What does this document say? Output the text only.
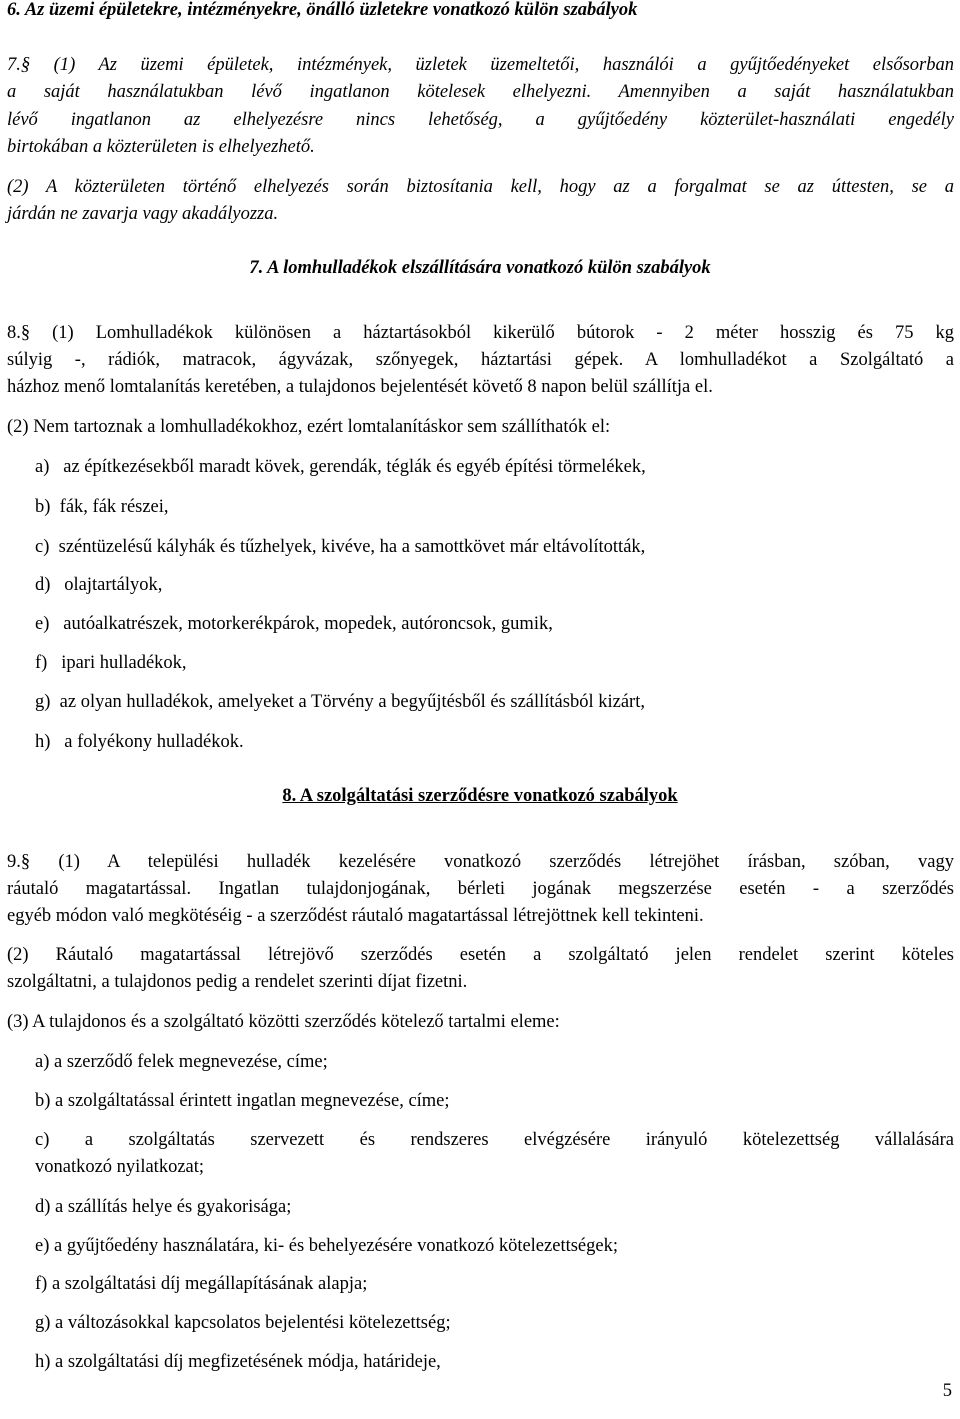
6. Az üzemi épületekre, intézményekre, önálló üzletekre vonatkozó külön szabályok
7.§ (1) Az üzemi épületek, intézmények, üzletek üzemeltetői, használói a gyűjtőedényeket elsősorban
a saját használatukban lévő ingatlanon kötelesek elhelyezni. Amennyiben a saját használatukban
lévő ingatlanon az elhelyezésre nincs lehetőség, a gyűjtőedény közterület-használati engedély
birtokában a közterületen is elhelyezhető.
(2) A közterületen történő elhelyezés során biztosítania kell, hogy az a forgalmat se az úttesten, se a
járdán ne zavarja vagy akadályozza.
7. A lomhulladékok elszállítására vonatkozó külön szabályok
8.§ (1) Lomhulladékok különösen a háztartásokból kikerülő bútorok - 2 méter hosszig és 75 kg
súlyig -, rádiók, matracok, ágyvázak, szőnyegek, háztartási gépek. A lomhulladékot a Szolgáltató a
házhoz menő lomtalanítás keretében, a tulajdonos bejelentését követő 8 napon belül szállítja el.
(2) Nem tartoznak a lomhulladékokhoz, ezért lomtalanításkor sem szállíthatók el:
a)   az építkezésekből maradt kövek, gerendák, téglák és egyéb építési törmelékek,
b)  fák, fák részei,
c)  széntüzelésű kályhák és tűzhelyek, kivéve, ha a samottkövet már eltávolították,
d)   olajtartályok,
e)   autóalkatrészek, motorkerékpárok, mopedek, autóroncsok, gumik,
f)   ipari hulladékok,
g)  az olyan hulladékok, amelyeket a Törvény a begyűjtésből és szállításból kizárt,
h)   a folyékony hulladékok.
8. A szolgáltatási szerződésre vonatkozó szabályok
9.§ (1) A települési hulladék kezelésére vonatkozó szerződés létrejöhet írásban, szóban, vagy
ráutaló magatartással. Ingatlan tulajdonjogának, bérleti jogának megszerzése esetén - a szerződés
egyéb módon való megkötéséig - a szerződést ráutaló magatartással létrejöttnek kell tekinteni.
(2) Ráutaló magatartással létrejövő szerződés esetén a szolgáltató jelen rendelet szerint köteles
szolgáltatni, a tulajdonos pedig a rendelet szerinti díjat fizetni.
(3) A tulajdonos és a szolgáltató közötti szerződés kötelező tartalmi eleme:
a) a szerződő felek megnevezése, címe;
b) a szolgáltatással érintett ingatlan megnevezése, címe;
c) a szolgáltatás szervezett és rendszeres elvégzésére irányuló kötelezettség vállalására
vonatkozó nyilatkozat;
d) a szállítás helye és gyakorisága;
e) a gyűjtőedény használatára, ki- és behelyezésére vonatkozó kötelezettségek;
f) a szolgáltatási díj megállapításának alapja;
g) a változásokkal kapcsolatos bejelentési kötelezettség;
h) a szolgáltatási díj megfizetésének módja, határideje,
5
